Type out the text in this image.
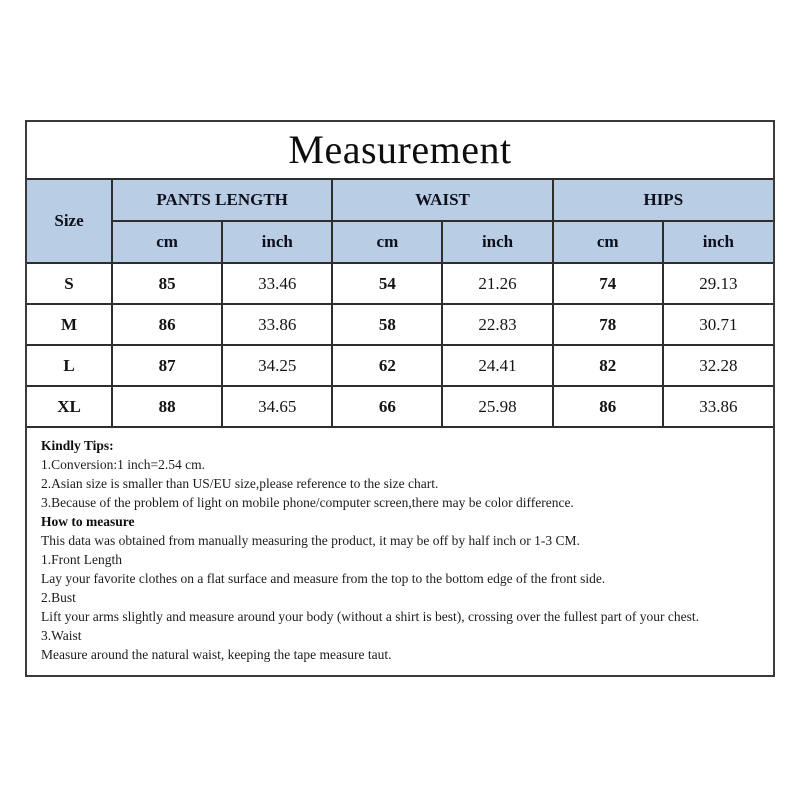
Measurement
Size	PANTS LENGTH		WAIST		HIPS	
	cm	inch	cm	inch	cm	inch
S	85	33.46	54	21.26	74	29.13
M	86	33.86	58	22.83	78	30.71
L	87	34.25	62	24.41	82	32.28
XL	88	34.65	66	25.98	86	33.86
Kindly Tips:
1.Conversion:1 inch=2.54 cm.
2.Asian size is smaller than US/EU size,please reference to the size chart.
3.Because of the problem of light on mobile phone/computer screen,there may be color difference.
How to measure
This data was obtained from manually measuring the product, it may be off by half inch or 1-3 CM.
1.Front Length
Lay your favorite clothes on a flat surface and measure from the top to the bottom edge of the front side.
2.Bust
Lift your arms slightly and measure around your body (without a shirt is best), crossing over the fullest part of your chest.
3.Waist
Measure around the natural waist, keeping the tape measure taut.
